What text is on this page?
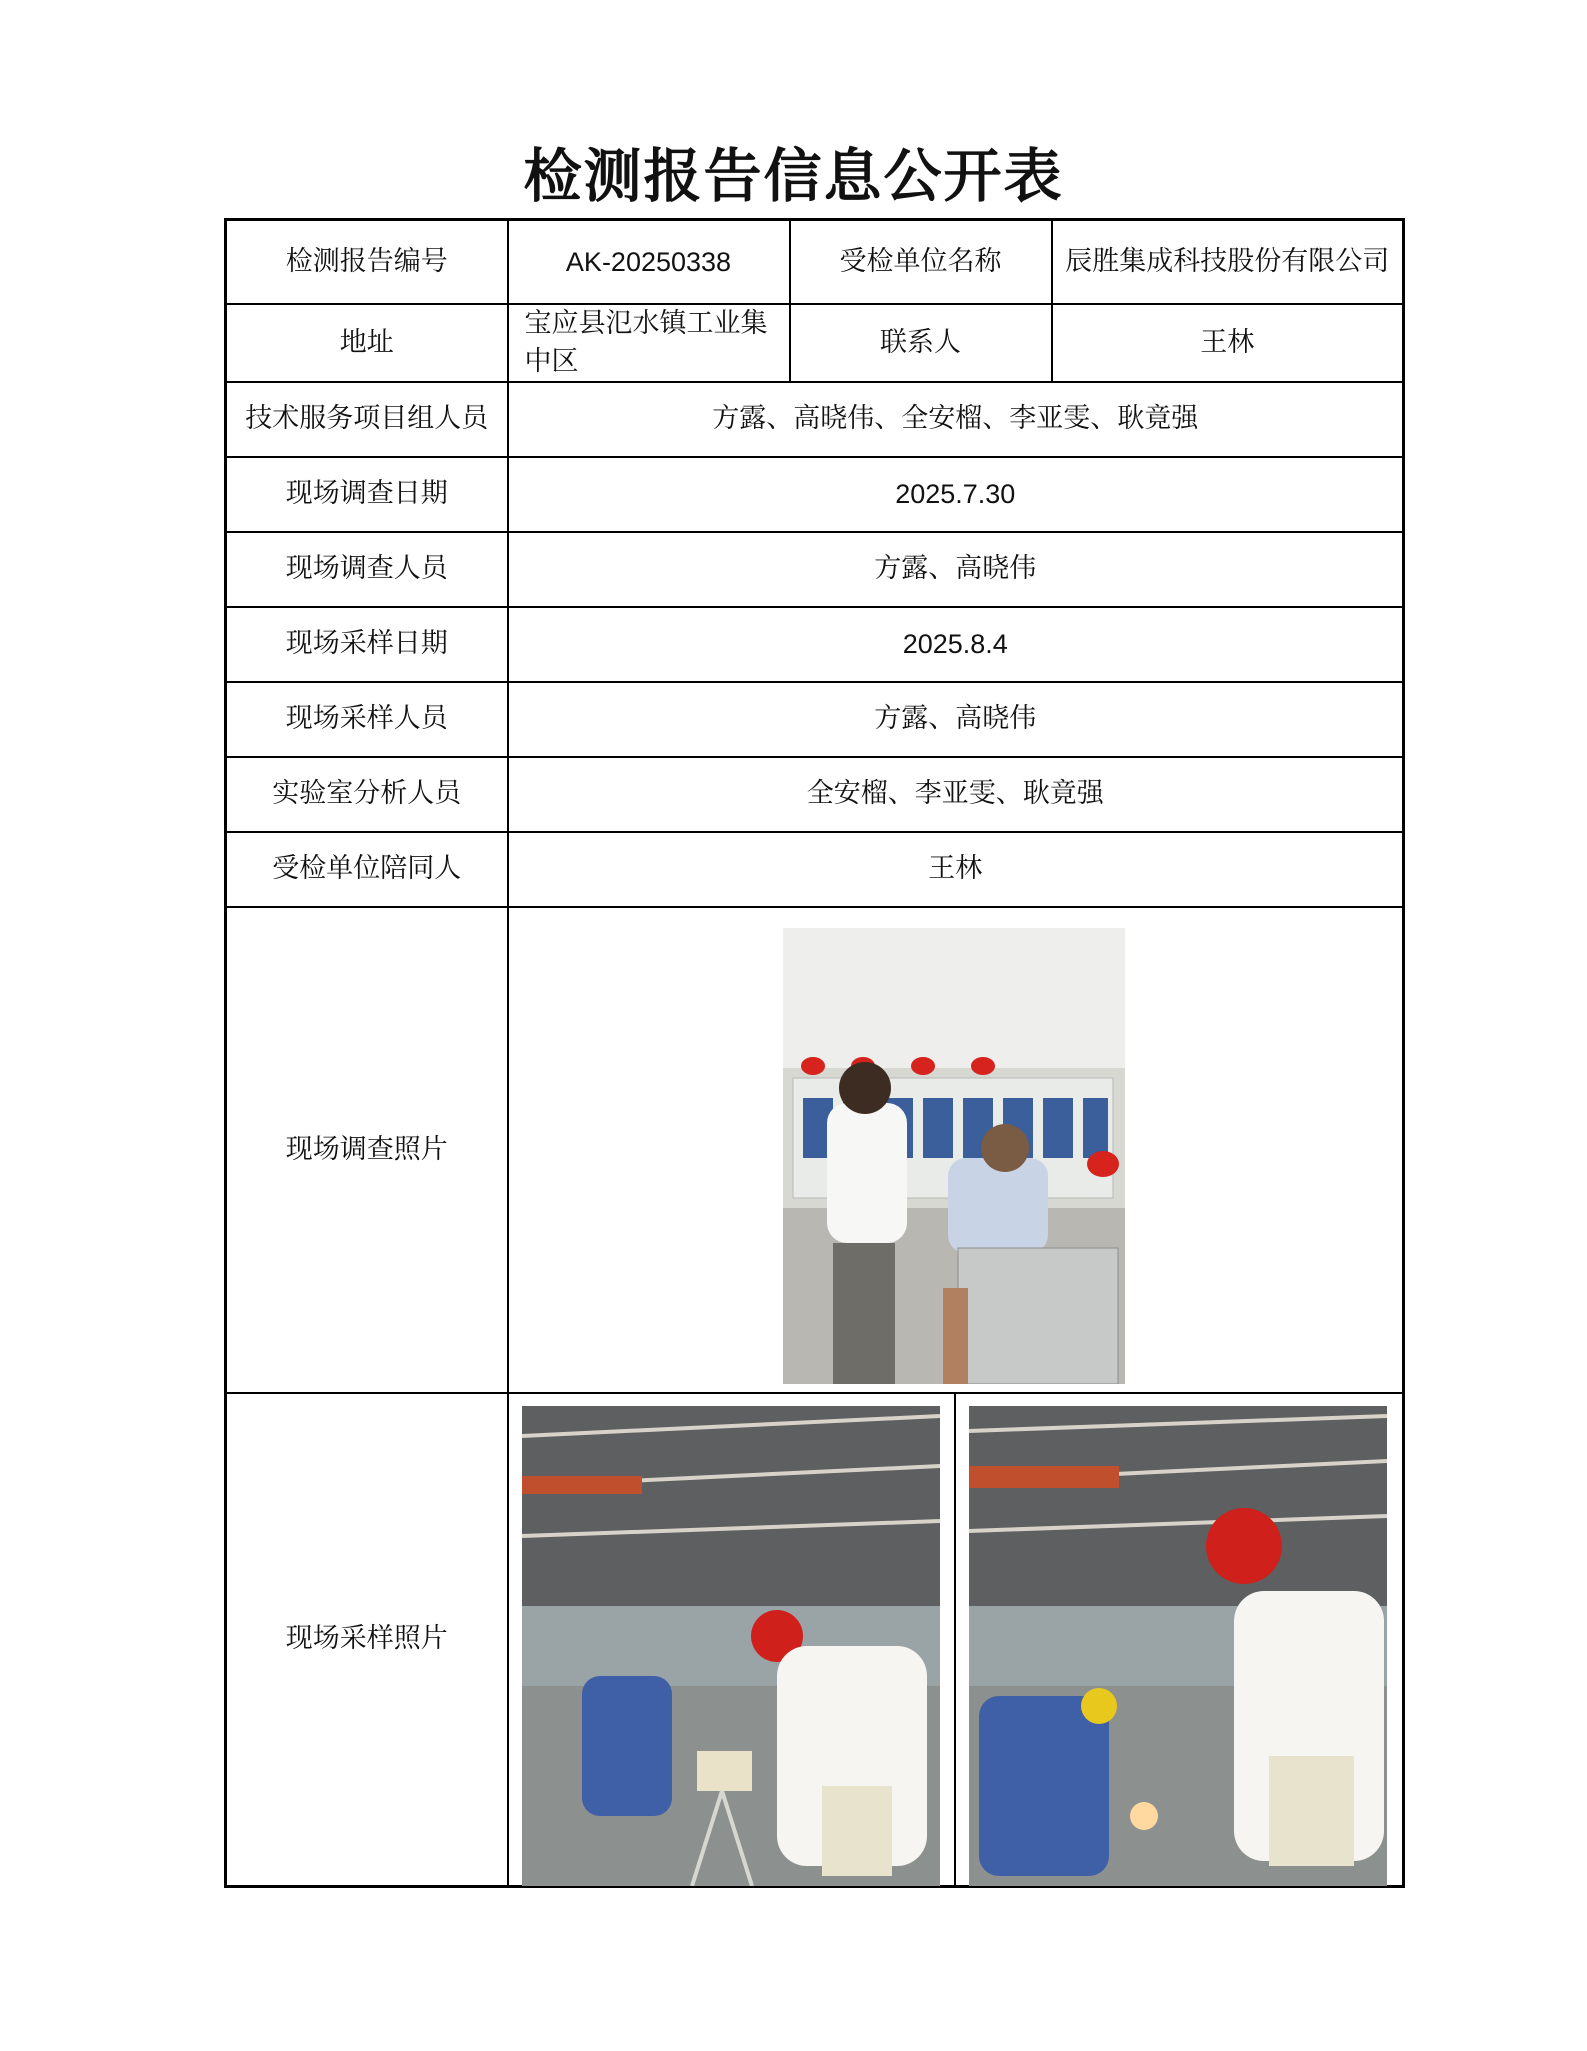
检测报告信息公开表
检测报告编号	AK-20250338	受检单位名称	辰胜集成科技股份有限公司
地址	宝应县氾水镇工业集中区	联系人	王林
技术服务项目组人员	方露、高晓伟、全安榴、李亚雯、耿竟强		
现场调查日期	2025.7.30		
现场调查人员	方露、高晓伟		
现场采样日期	2025.8.4		
现场采样人员	方露、高晓伟		
实验室分析人员	全安榴、李亚雯、耿竟强		
受检单位陪同人	王林		
现场调查照片	

现场采样照片	
